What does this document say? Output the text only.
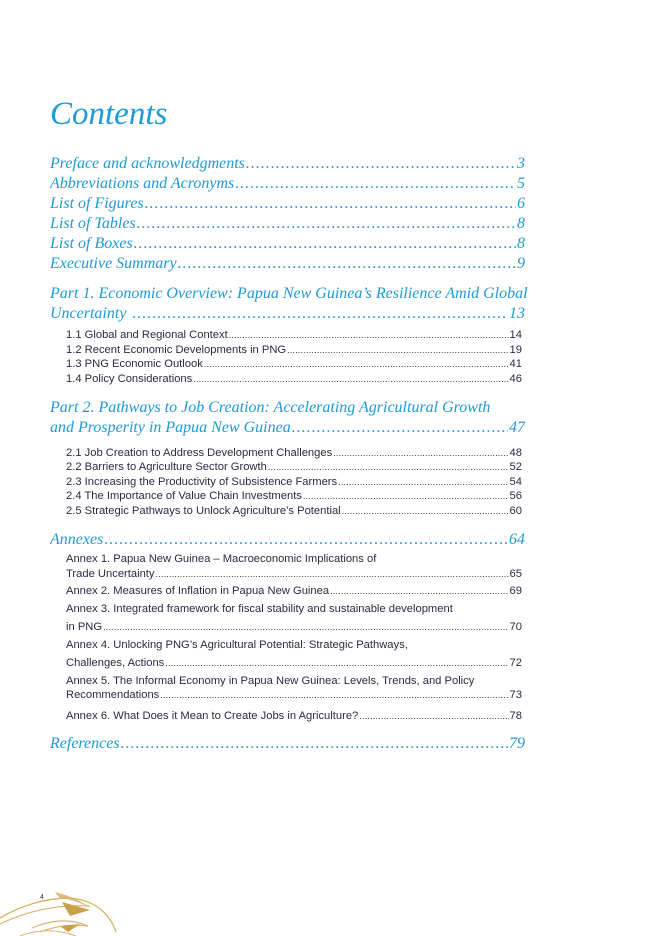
Contents
Preface and acknowledgments .....	3
Abbreviations and Acronyms .....	5
List of Figures .....	6
List of Tables .....	8
List of Boxes .....	8
Executive Summary .....	9
Part 1. Economic Overview: Papua New Guinea’s Resilience Amid Global
Uncertainty .....	13
1.1 Global and Regional Context .....	14
1.2 Recent Economic Developments in PNG .....	19
1.3 PNG Economic Outlook .....	41
1.4 Policy Considerations .....	46
Part 2. Pathways to Job Creation: Accelerating Agricultural Growth
and Prosperity in Papua New Guinea .....	47
2.1 Job Creation to Address Development Challenges .....	48
2.2 Barriers to Agriculture Sector Growth .....	52
2.3 Increasing the Productivity of Subsistence Farmers .....	54
2.4 The Importance of Value Chain Investments .....	56
2.5 Strategic Pathways to Unlock Agriculture’s Potential .....	60
Annexes .....	64
Annex 1. Papua New Guinea – Macroeconomic Implications of
Trade Uncertainty .....	65
Annex 2. Measures of Inflation in Papua New Guinea .....	69
Annex 3. Integrated framework for fiscal stability and sustainable development
in PNG .....	70
Annex 4. Unlocking PNG’s Agricultural Potential: Strategic Pathways,
Challenges, Actions .....	72
Annex 5. The Informal Economy in Papua New Guinea: Levels, Trends, and Policy
Recommendations .....	73
Annex 6. What Does it Mean to Create Jobs in Agriculture? .....	78
References .....	79
4
